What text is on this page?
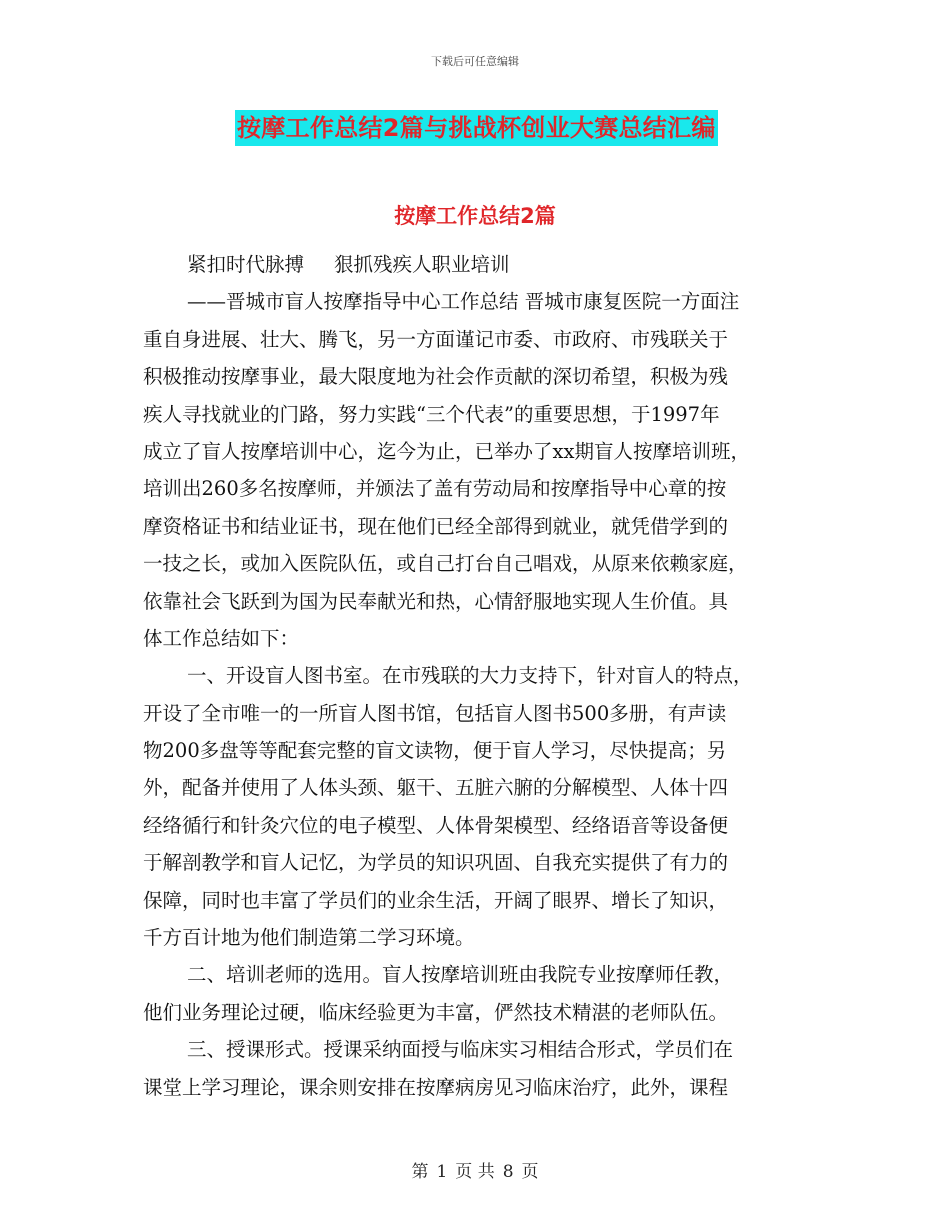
下载后可任意编辑
按摩工作总结2篇与挑战杯创业大赛总结汇编
按摩工作总结2篇
紧扣时代脉搏 狠抓残疾人职业培训
——晋城市盲人按摩指导中心工作总结 晋城市康复医院一方面注
重自身进展、壮大、腾飞，另一方面谨记市委、市政府、市残联关于
积极推动按摩事业，最大限度地为社会作贡献的深切希望，积极为残
疾人寻找就业的门路，努力实践“三个代表”的重要思想，于1997年
成立了盲人按摩培训中心，迄今为止，已举办了xx期盲人按摩培训班，
培训出260多名按摩师，并颁法了盖有劳动局和按摩指导中心章的按
摩资格证书和结业证书，现在他们已经全部得到就业，就凭借学到的
一技之长，或加入医院队伍，或自己打台自己唱戏，从原来依赖家庭，
依靠社会飞跃到为国为民奉献光和热，心情舒服地实现人生价值。具
体工作总结如下：
一、开设盲人图书室。在市残联的大力支持下，针对盲人的特点，
开设了全市唯一的一所盲人图书馆，包括盲人图书500多册，有声读
物200多盘等等配套完整的盲文读物，便于盲人学习，尽快提高；另
外，配备并使用了人体头颈、躯干、五脏六腑的分解模型、人体十四
经络循行和针灸穴位的电子模型、人体骨架模型、经络语音等设备便
于解剖教学和盲人记忆，为学员的知识巩固、自我充实提供了有力的
保障，同时也丰富了学员们的业余生活，开阔了眼界、增长了知识，
千方百计地为他们制造第二学习环境。
二、培训老师的选用。盲人按摩培训班由我院专业按摩师任教，
他们业务理论过硬，临床经验更为丰富，俨然技术精湛的老师队伍。
三、授课形式。授课采纳面授与临床实习相结合形式，学员们在
课堂上学习理论，课余则安排在按摩病房见习临床治疗，此外，课程
第 1 页 共 8 页
